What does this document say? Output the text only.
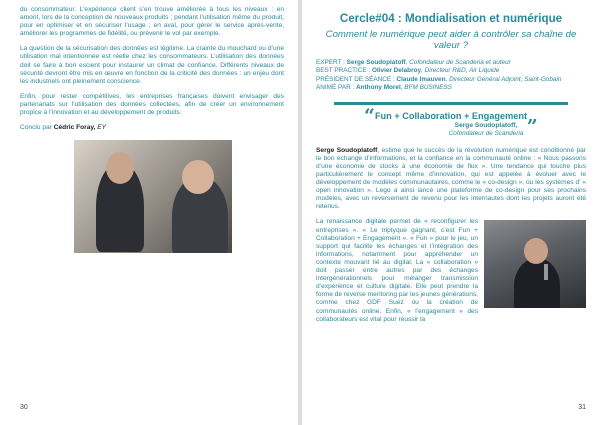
du consommateur. L’expérience client s’en trouve améliorée à tous les niveaux : en amont, lors de la conception de nouveaux produits ; pendant l’utilisation même du produit, pour en optimiser et en sécuriser l’usage ; en aval, pour gérer le service après-vente, améliorer les programmes de fidélité, ou prévenir le vol par exemple.

La question de la sécurisation des données est légitime. La crainte du mouchard ou d’une utilisation mal intentionnée est réelle chez les consommateurs. L’utilisation des données doit se faire à bon escient pour instaurer un climat de confiance. Différents niveaux de sécurité devront être mis en œuvre en fonction de la criticité des données : un enjeu dont les industriels ont pleinement conscience.

Enfin, pour rester compétitives, les entreprises françaises doivent envisager des partenariats sur l’utilisation des données collectées, afin de créer un environnement propice à l’innovation et au développement de produits.

Conclu par Cédric Foray, EY

30
Cercle#04 : Mondialisation et numérique
Comment le numérique peut aider à contrôler sa chaîne de valeur ?

EXPERT : Serge Soudoplatoff, Cofondateur de Scanderia et auteur

BEST PRACTICE : Olivier Delabroy, Directeur R&D, Air Liquide

PRÉSIDENT DE SÉANCE : Claude Imauven, Directeur Général Adjoint, Saint-Gobain

ANIMÉ PAR : Anthony Morel, BFM BUSINESS

“Fun + Collaboration + Engagement„

Serge Soudoplatoff,
Cofondateur de Scanderia

Serge Soudoplatoff, estime que le succès de la révolution numérique est conditionné par le bon échange d’informations, et la confiance en la communauté online : « Nous passons d’une économie de stocks à une économie de flux ». Une tendance qui touche plus particulièrement le concept même d’innovation, qui est appelée à évoluer avec le développement de modèles communautaires, comme le « co-design », ou les systèmes d’ « open innovation ». Lego a ainsi lancé une plateforme de co-design pour ses prochains modèles, avec un reversement de revenu pour les internautes dont les projets auront été retenus.

La renaissance digitale permet de « reconfigurer les entreprises ». « Le triptyque gagnant, c’est Fun + Collaboration + Engagement ». « Fun » pour le jeu, un support qui facilite les échanges et l’intégration des informations, notamment pour appréhender un contexte mouvant lié au digital. La « collaboration » doit passer entre autres par des échanges intergénérationnels pour mélanger transmission d’expérience et culture digitale. Elle peut prendre la forme de reverse mentoring par les jeunes générations, comme chez GDF Suez ou la création de communautés online. Enfin, « l’engagement » des collaborateurs est vital pour réussir la

31
